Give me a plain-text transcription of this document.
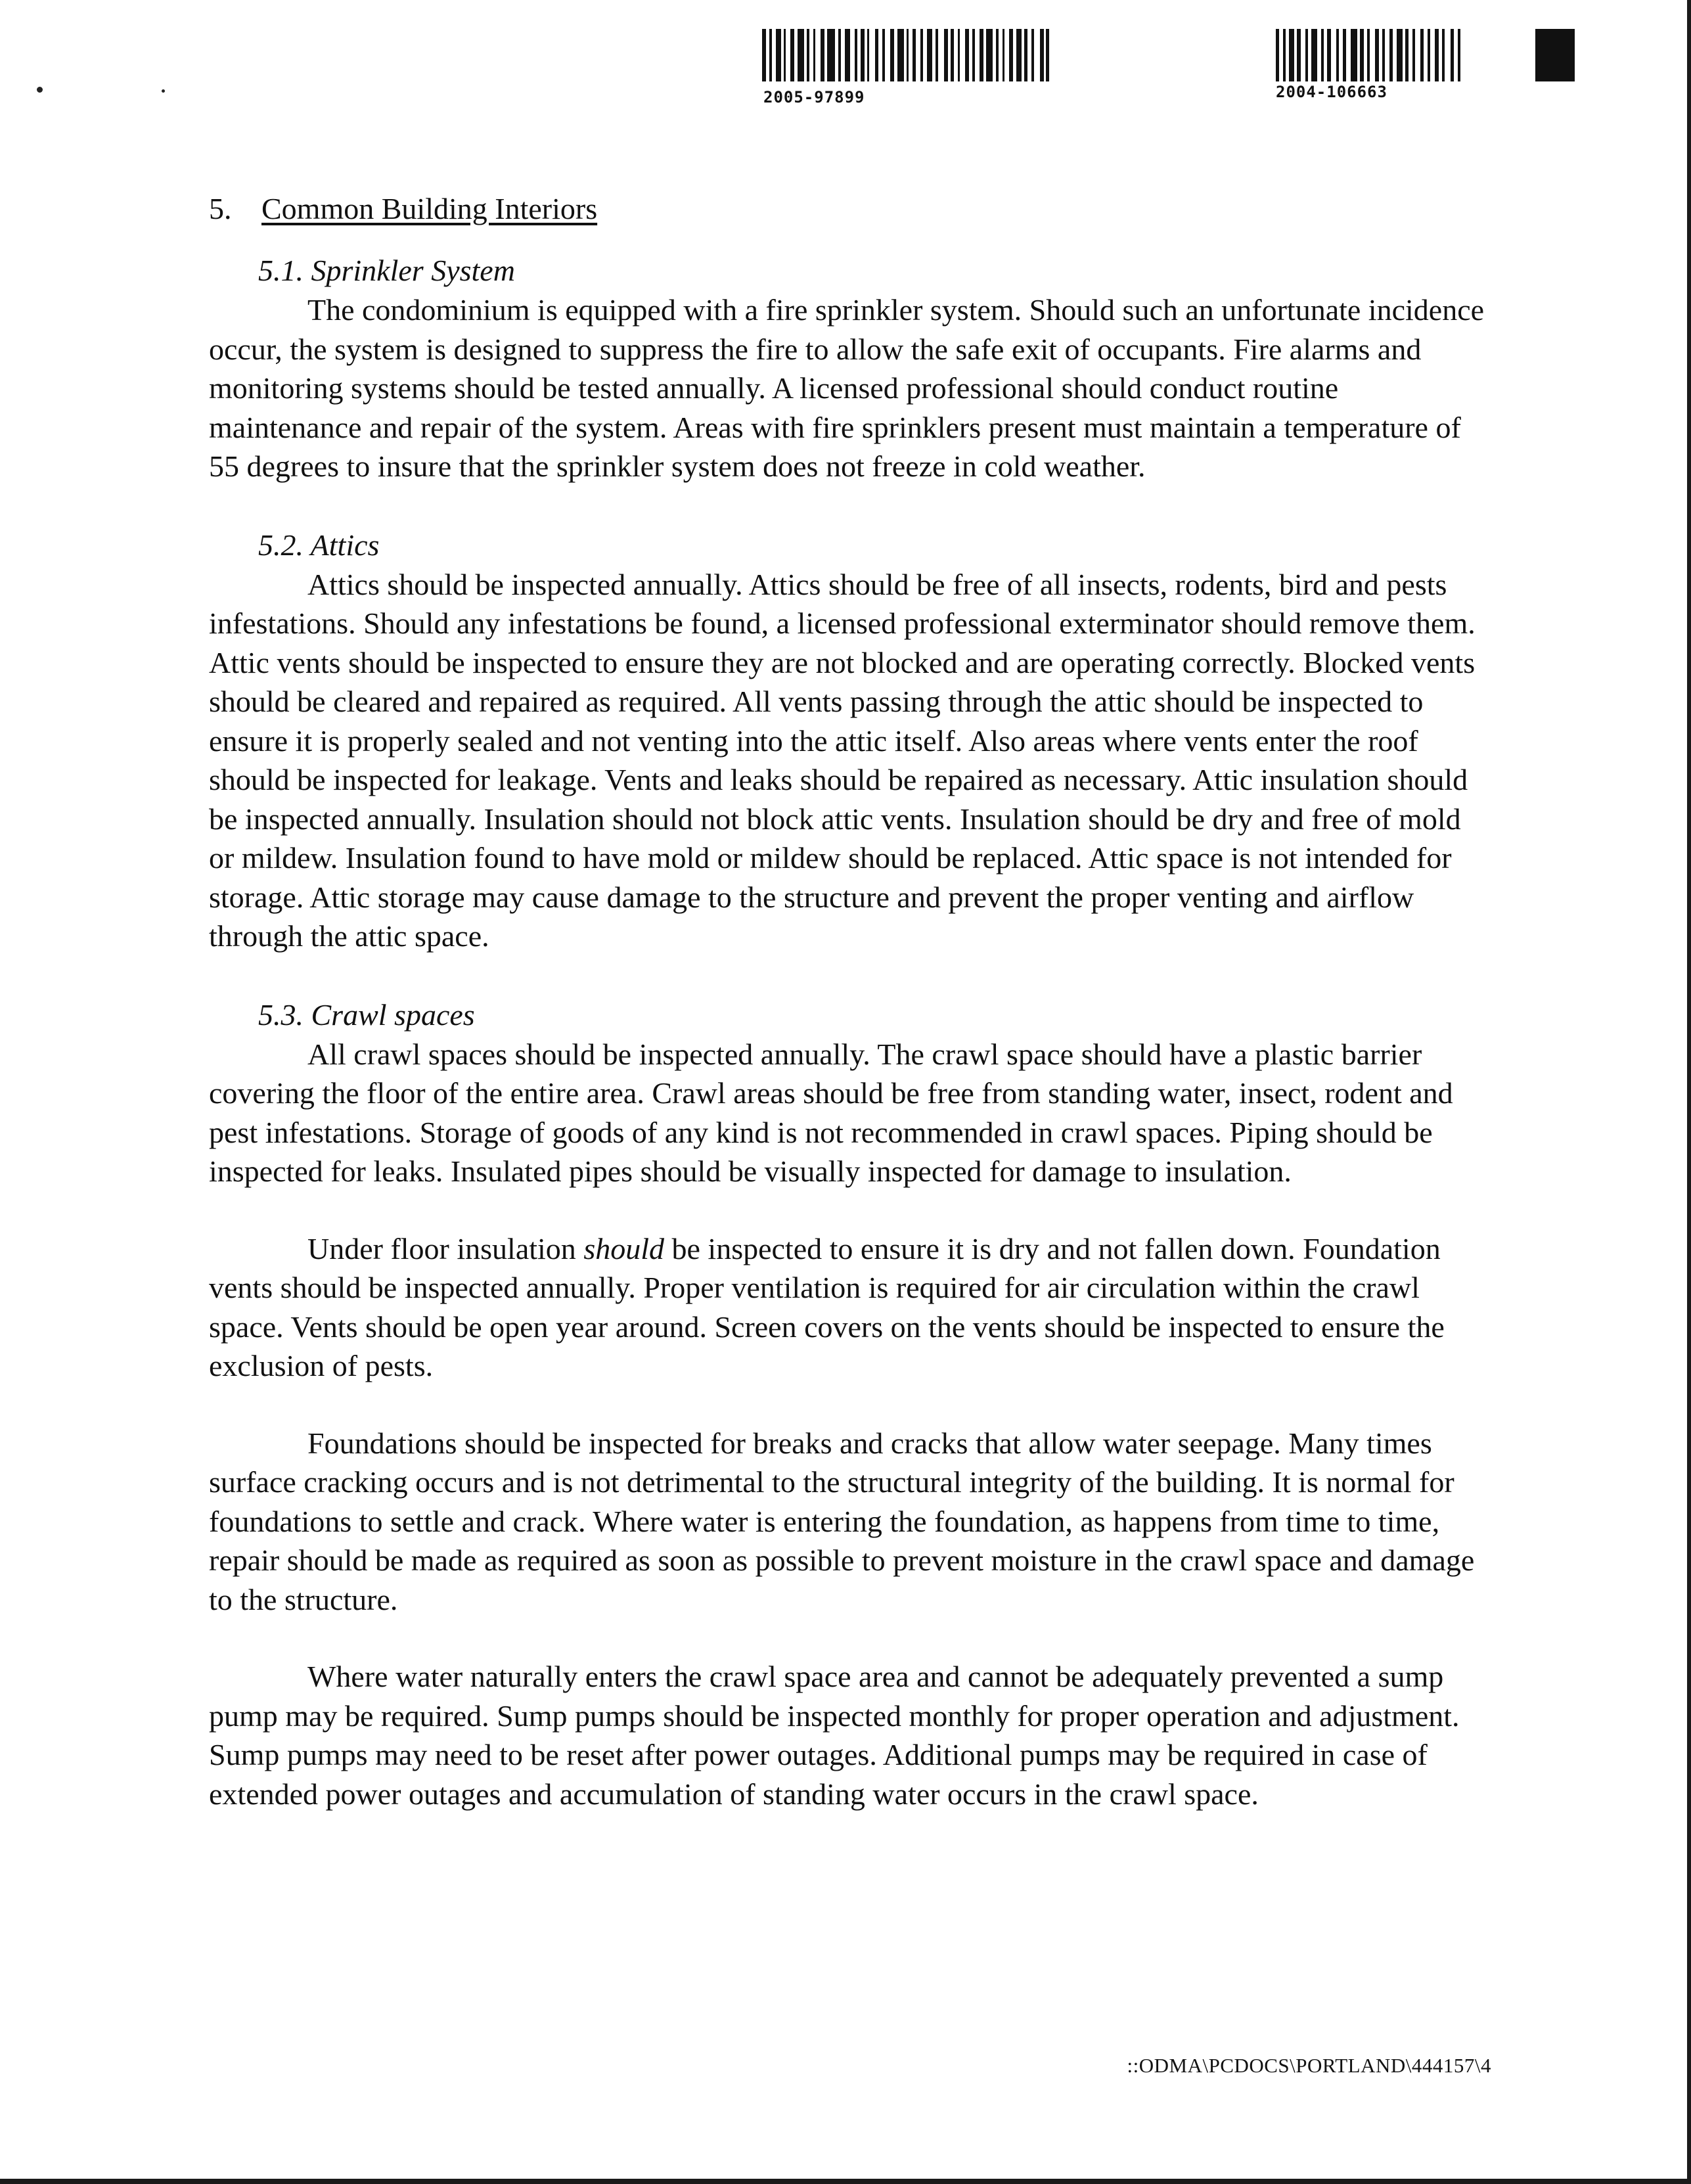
2005-97899	2004-106663
5. Common Building Interiors
5.1. Sprinkler System

The condominium is equipped with a fire sprinkler system. Should such an unfortunate incidence occur, the system is designed to suppress the fire to allow the safe exit of occupants. Fire alarms and monitoring systems should be tested annually. A licensed professional should conduct routine maintenance and repair of the system. Areas with fire sprinklers present must maintain a temperature of 55 degrees to insure that the sprinkler system does not freeze in cold weather.

5.2. Attics

Attics should be inspected annually. Attics should be free of all insects, rodents, bird and pests infestations. Should any infestations be found, a licensed professional exterminator should remove them. Attic vents should be inspected to ensure they are not blocked and are operating correctly. Blocked vents should be cleared and repaired as required. All vents passing through the attic should be inspected to ensure it is properly sealed and not venting into the attic itself. Also areas where vents enter the roof should be inspected for leakage. Vents and leaks should be repaired as necessary. Attic insulation should be inspected annually. Insulation should not block attic vents. Insulation should be dry and free of mold or mildew. Insulation found to have mold or mildew should be replaced. Attic space is not intended for storage. Attic storage may cause damage to the structure and prevent the proper venting and airflow through the attic space.

5.3. Crawl spaces

All crawl spaces should be inspected annually. The crawl space should have a plastic barrier covering the floor of the entire area. Crawl areas should be free from standing water, insect, rodent and pest infestations. Storage of goods of any kind is not recommended in crawl spaces. Piping should be inspected for leaks. Insulated pipes should be visually inspected for damage to insulation.

Under floor insulation should be inspected to ensure it is dry and not fallen down. Foundation vents should be inspected annually. Proper ventilation is required for air circulation within the crawl space. Vents should be open year around. Screen covers on the vents should be inspected to ensure the exclusion of pests.

Foundations should be inspected for breaks and cracks that allow water seepage. Many times surface cracking occurs and is not detrimental to the structural integrity of the building. It is normal for foundations to settle and crack. Where water is entering the foundation, as happens from time to time, repair should be made as required as soon as possible to prevent moisture in the crawl space and damage to the structure.

Where water naturally enters the crawl space area and cannot be adequately prevented a sump pump may be required. Sump pumps should be inspected monthly for proper operation and adjustment. Sump pumps may need to be reset after power outages. Additional pumps may be required in case of extended power outages and accumulation of standing water occurs in the crawl space.

::ODMA\PCDOCS\PORTLAND\444157\4
